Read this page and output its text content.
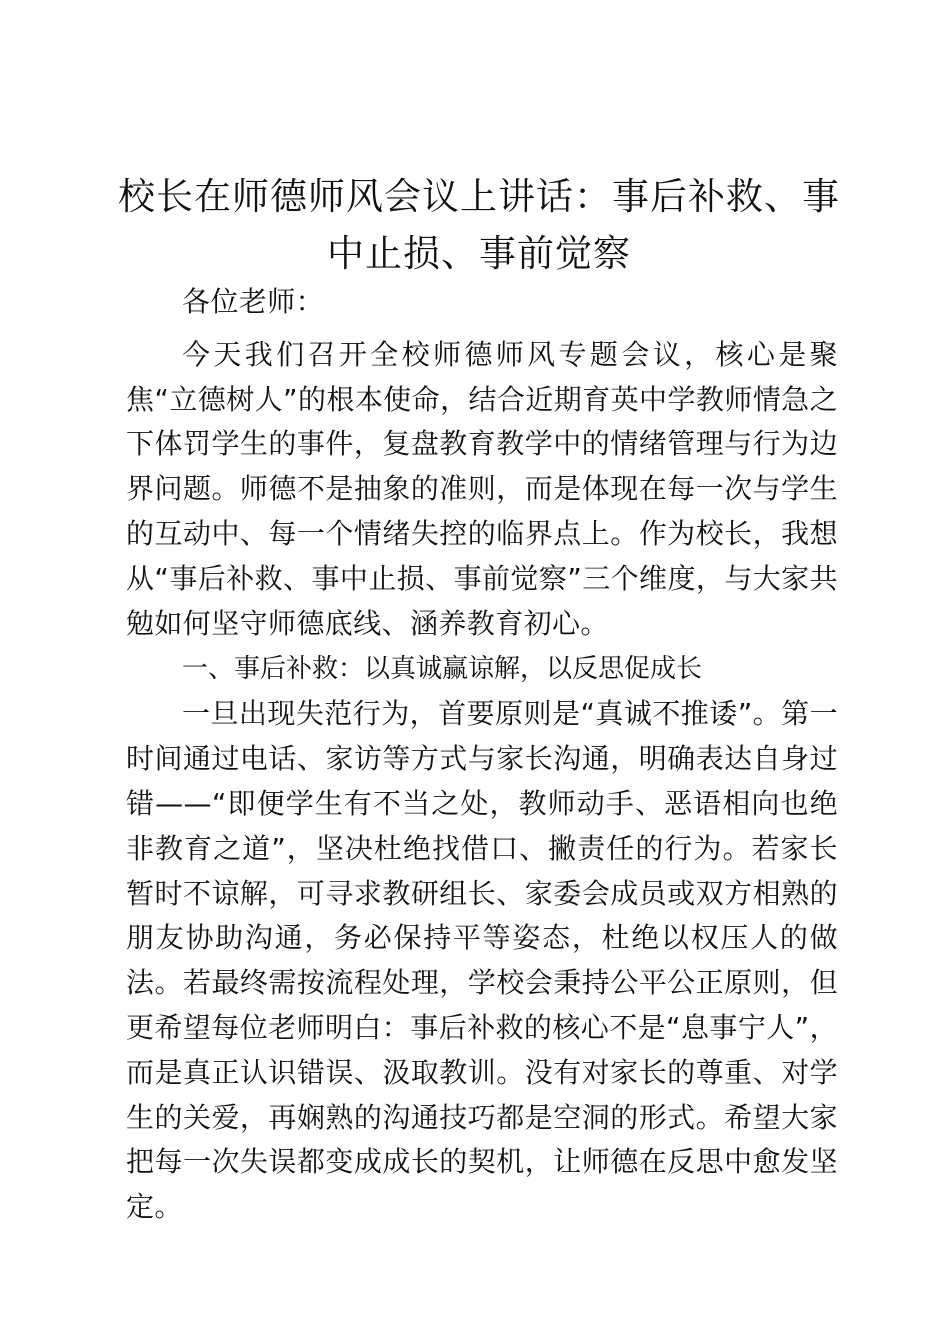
校长在师德师风会议上讲话：事后补救、事中止损、事前觉察

各位老师：

今天我们召开全校师德师风专题会议，核心是聚焦“立德树人”的根本使命，结合近期育英中学教师情急之下体罚学生的事件，复盘教育教学中的情绪管理与行为边界问题。师德不是抽象的准则，而是体现在每一次与学生的互动中、每一个情绪失控的临界点上。作为校长，我想从“事后补救、事中止损、事前觉察”三个维度，与大家共勉如何坚守师德底线、涵养教育初心。

一、事后补救：以真诚赢谅解，以反思促成长

一旦出现失范行为，首要原则是“真诚不推诿”。第一时间通过电话、家访等方式与家长沟通，明确表达自身过错——“即便学生有不当之处，教师动手、恶语相向也绝非教育之道”，坚决杜绝找借口、撇责任的行为。若家长暂时不谅解，可寻求教研组长、家委会成员或双方相熟的朋友协助沟通，务必保持平等姿态，杜绝以权压人的做法。若最终需按流程处理，学校会秉持公平公正原则，但更希望每位老师明白：事后补救的核心不是“息事宁人”，而是真正认识错误、汲取教训。没有对家长的尊重、对学生的关爱，再娴熟的沟通技巧都是空洞的形式。希望大家把每一次失误都变成成长的契机，让师德在反思中愈发坚定。
